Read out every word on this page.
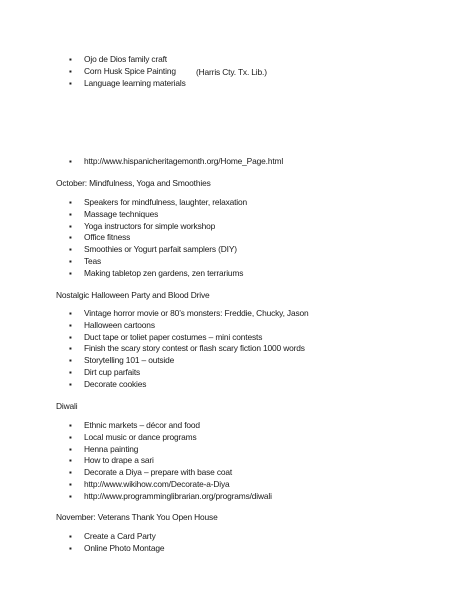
▪ Ojo de Dios family craft
▪ Corn Husk Spice Painting
▪ Language learning materials
(Harris Cty. Tx. Lib.)
▪ http://www.hispanicheritagemonth.org/Home_Page.html
October: Mindfulness, Yoga and Smoothies
▪ Speakers for mindfulness, laughter, relaxation
▪ Massage techniques
▪ Yoga instructors for simple workshop
▪ Office fitness
▪ Smoothies or Yogurt parfait samplers (DIY)
▪ Teas
▪ Making tabletop zen gardens, zen terrariums
Nostalgic Halloween Party and Blood Drive
▪ Vintage horror movie or 80’s monsters: Freddie, Chucky, Jason
▪ Halloween cartoons
▪ Duct tape or toliet paper costumes – mini contests
▪ Finish the scary story contest or flash scary fiction 1000 words
▪ Storytelling 101 – outside
▪ Dirt cup parfaits
▪ Decorate cookies
Diwali
▪ Ethnic markets – décor and food
▪ Local music or dance programs
▪ Henna painting
▪ How to drape a sari
▪ Decorate a Diya – prepare with base coat
▪ http://www.wikihow.com/Decorate-a-Diya
▪ http://www.programminglibrarian.org/programs/diwali
November: Veterans Thank You Open House
▪ Create a Card Party
▪ Online Photo Montage
